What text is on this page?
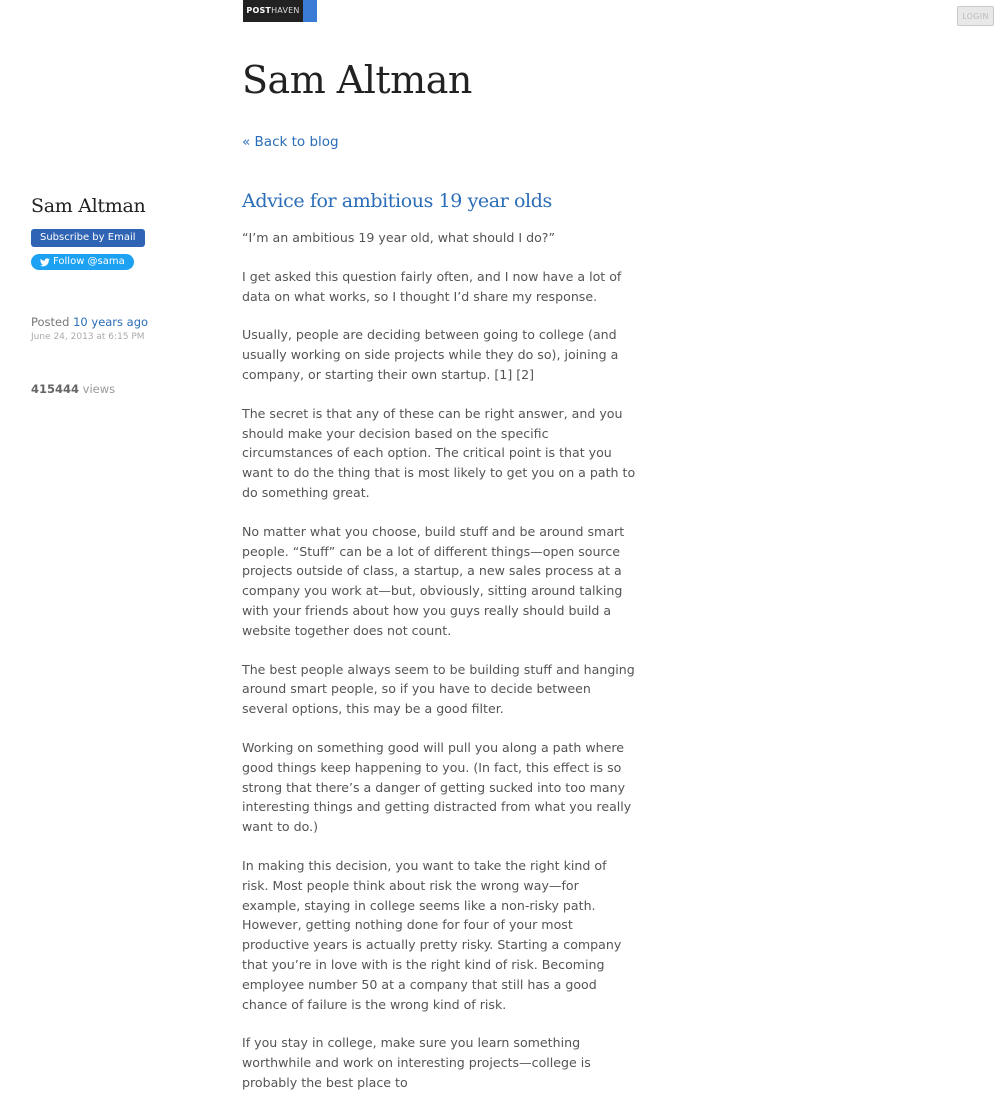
POSTHAVEN
LOGIN
Sam Altman
« Back to blog
Sam Altman
Subscribe by Email
Follow @sama
Posted 10 years ago
June 24, 2013 at 6:15 PM
415444 views
Advice for ambitious 19 year olds

“I’m an ambitious 19 year old, what should I do?”

I get asked this question fairly often, and I now have a lot of data on what works, so I thought I’d share my response.

Usually, people are deciding between going to college (and usually working on side projects while they do so), joining a company, or starting their own startup. [1] [2]

The secret is that any of these can be right answer, and you should make your decision based on the specific circumstances of each option. The critical point is that you want to do the thing that is most likely to get you on a path to do something great.

No matter what you choose, build stuff and be around smart people. “Stuff” can be a lot of different things—open source projects outside of class, a startup, a new sales process at a company you work at—but, obviously, sitting around talking with your friends about how you guys really should build a website together does not count.

The best people always seem to be building stuff and hanging around smart people, so if you have to decide between several options, this may be a good filter.

Working on something good will pull you along a path where good things keep happening to you. (In fact, this effect is so strong that there’s a danger of getting sucked into too many interesting things and getting distracted from what you really want to do.)

In making this decision, you want to take the right kind of risk. Most people think about risk the wrong way—for example, staying in college seems like a non-risky path. However, getting nothing done for four of your most productive years is actually pretty risky. Starting a company that you’re in love with is the right kind of risk. Becoming employee number 50 at a company that still has a good chance of failure is the wrong kind of risk.

If you stay in college, make sure you learn something worthwhile and work on interesting projects—college is probably the best place to
